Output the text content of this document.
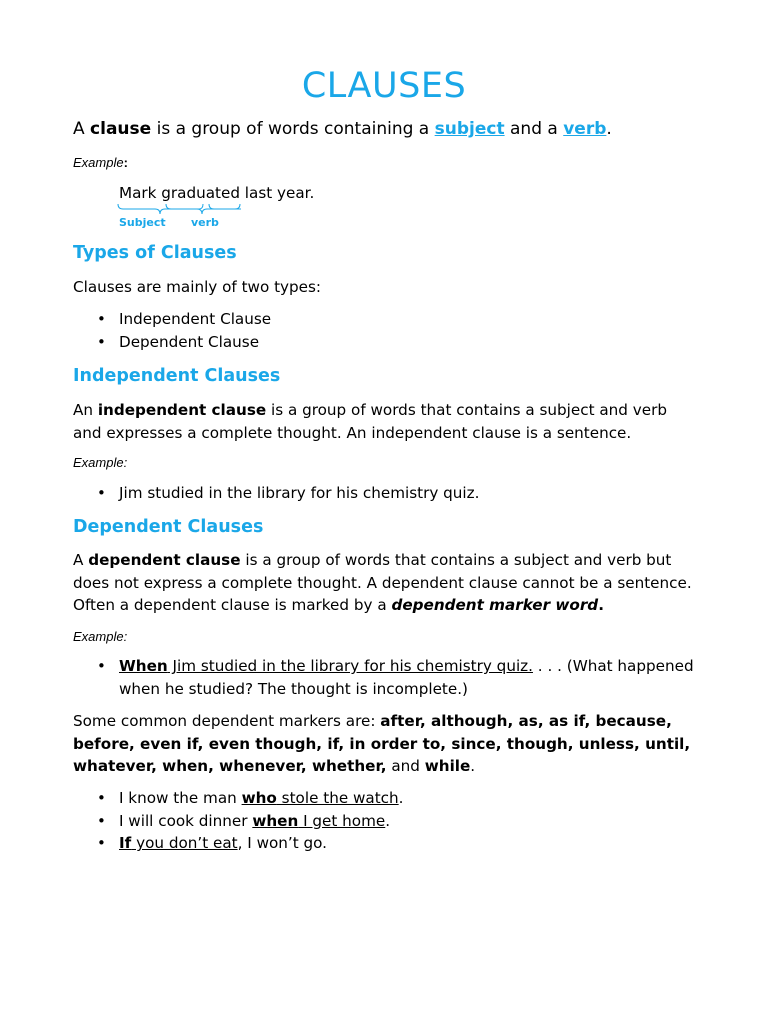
CLAUSES
A clause is a group of words containing a subject and a verb.
Example:
Mark graduated last year.
Subject verb
Types of Clauses
Clauses are mainly of two types:
• Independent Clause
• Dependent Clause
Independent Clauses
An independent clause is a group of words that contains a subject and verb and expresses a complete thought. An independent clause is a sentence.
Example:
• Jim studied in the library for his chemistry quiz.
Dependent Clauses
A dependent clause is a group of words that contains a subject and verb but does not express a complete thought. A dependent clause cannot be a sentence. Often a dependent clause is marked by a dependent marker word.
Example:
• When Jim studied in the library for his chemistry quiz. . . . (What happened when he studied? The thought is incomplete.)
Some common dependent markers are: after, although, as, as if, because, before, even if, even though, if, in order to, since, though, unless, until, whatever, when, whenever, whether, and while.
• I know the man who stole the watch.
• I will cook dinner when I get home.
• If you don’t eat, I won’t go.
